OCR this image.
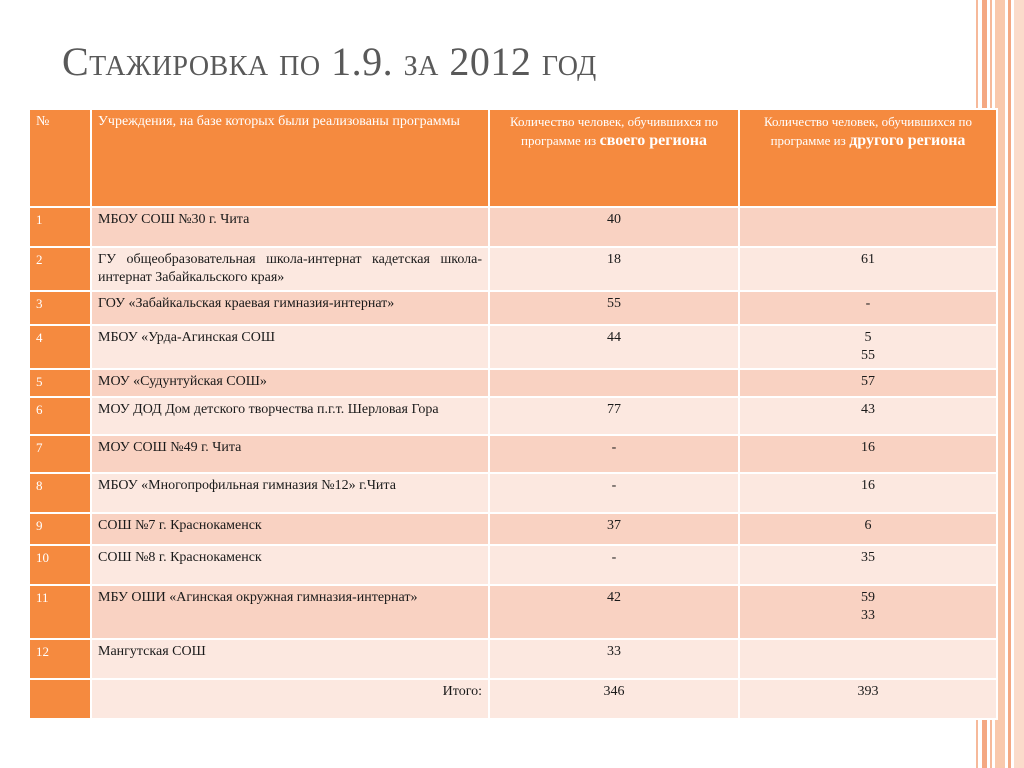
Стажировка по 1.9. за 2012 год
№	Учреждения, на базе которых были реализованы программы	Количество человек, обучившихся по программе из своего региона	Количество человек, обучившихся по программе из другого региона
1	МБОУ СОШ №30 г. Чита	40	
2	ГУ общеобразовательная школа-интернат кадетская школа-интернат Забайкальского края»	18	61
3	ГОУ «Забайкальская краевая гимназия-интернат»	55	-
4	МБОУ «Урда-Агинская СОШ	44	5
55
5	МОУ «Судунтуйская СОШ»		57
6	МОУ ДОД Дом детского творчества п.г.т. Шерловая Гора	77	43
7	МОУ СОШ №49 г. Чита	-	16
8	МБОУ «Многопрофильная гимназия №12» г.Чита	-	16
9	СОШ №7 г. Краснокаменск	37	6
10	СОШ №8 г. Краснокаменск	-	35
11	МБУ ОШИ «Агинская окружная гимназия-интернат»	42	59
33
12	Мангутская СОШ	33	
	Итого:	346	393
